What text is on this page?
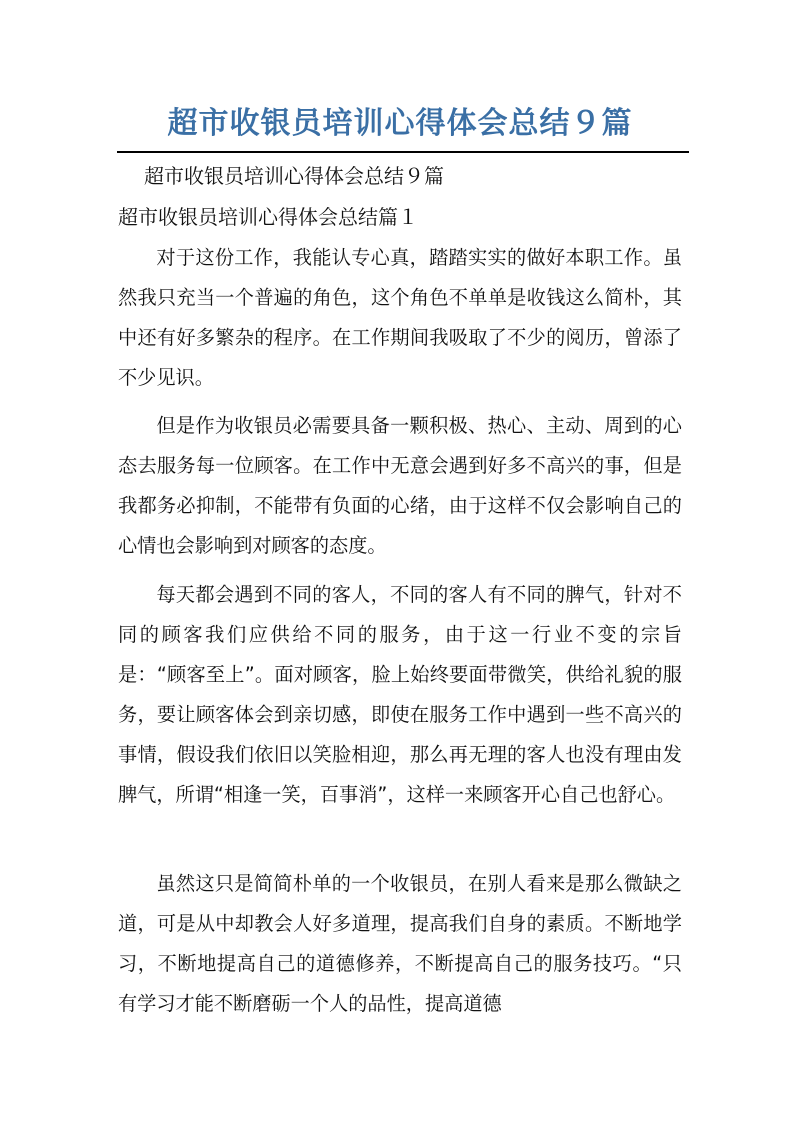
超市收银员培训心得体会总结９篇
超市收银员培训心得体会总结９篇
超市收银员培训心得体会总结篇１
对于这份工作，我能认专心真，踏踏实实的做好本职工作。虽然我只充当一个普遍的角色，这个角色不单单是收钱这么简朴，其中还有好多繁杂的程序。在工作期间我吸取了不少的阅历，曾添了不少见识。
但是作为收银员必需要具备一颗积极、热心、主动、周到的心态去服务每一位顾客。在工作中无意会遇到好多不高兴的事，但是我都务必抑制，不能带有负面的心绪，由于这样不仅会影响自己的心情也会影响到对顾客的态度。
每天都会遇到不同的客人，不同的客人有不同的脾气，针对不同的顾客我们应供给不同的服务，由于这一行业不变的宗旨是：“顾客至上”。面对顾客，脸上始终要面带微笑，供给礼貌的服务，要让顾客体会到亲切感，即使在服务工作中遇到一些不高兴的事情，假设我们依旧以笑脸相迎，那么再无理的客人也没有理由发脾气，所谓“相逢一笑，百事消”，这样一来顾客开心自己也舒心。
虽然这只是简简朴单的一个收银员，在别人看来是那么微缺之道，可是从中却教会人好多道理，提高我们自身的素质。不断地学习，不断地提高自己的道德修养，不断提高自己的服务技巧。“只有学习才能不断磨砺一个人的品性，提高道德
